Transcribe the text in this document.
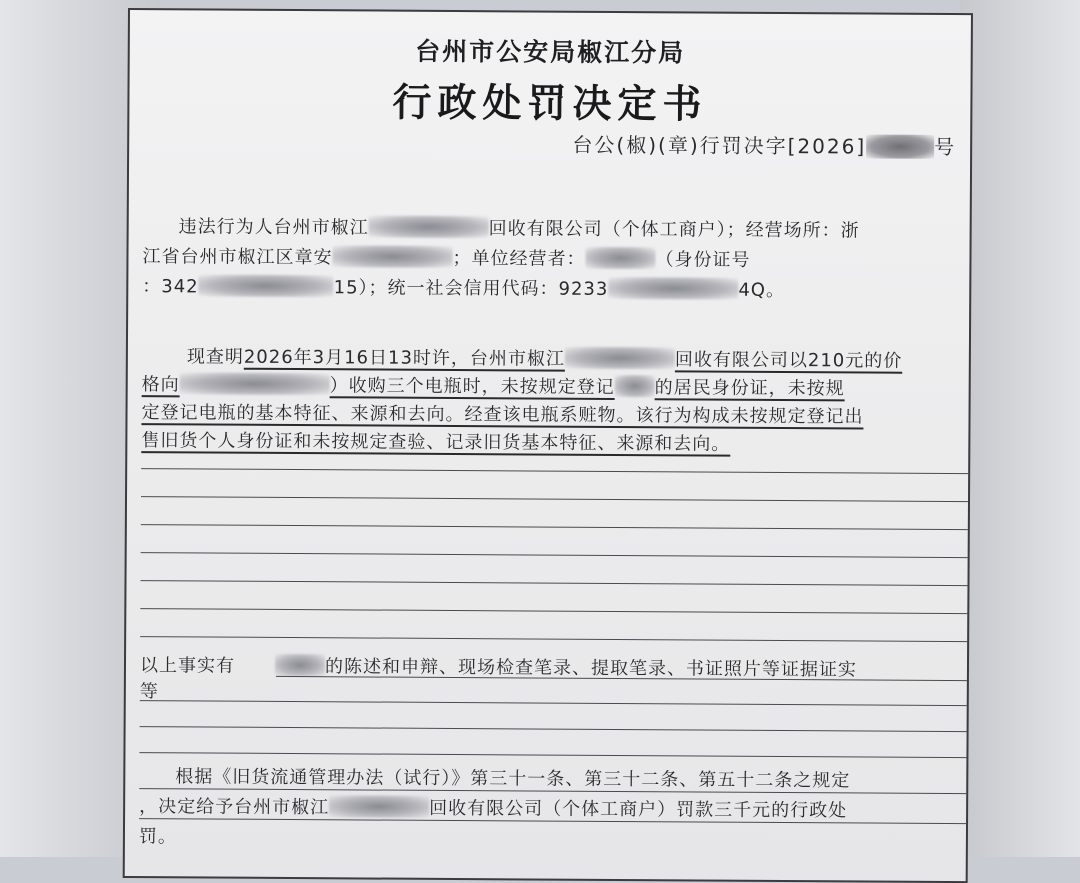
台州市公安局椒江分局
行政处罚决定书
台公(椒)(章)行罚决字[2026]	号
违法行为人台州市椒江	回收有限公司（个体工商户）；经营场所：浙
江省台州市椒江区章安	；单位经营者：	（身份证号
：342	15）；统一社会信用代码：9233	4Q。
现查明2026年3月16日13时许，台州市椒江	回收有限公司以210元的价
格向	）收购三个电瓶时，未按规定登记 的居民身份证，未按规
定登记电瓶的基本特征、来源和去向。经查该电瓶系赃物。该行为构成未按规定登记出
售旧货个人身份证和未按规定查验、记录旧货基本特征、来源和去向。
以上事实有	的陈述和申辩、现场检查笔录、提取笔录、书证照片等证据证实
等
根据《旧货流通管理办法（试行）》第三十一条、第三十二条、第五十二条之规定
，决定给予台州市椒江	回收有限公司（个体工商户）罚款三千元的行政处
罚。
